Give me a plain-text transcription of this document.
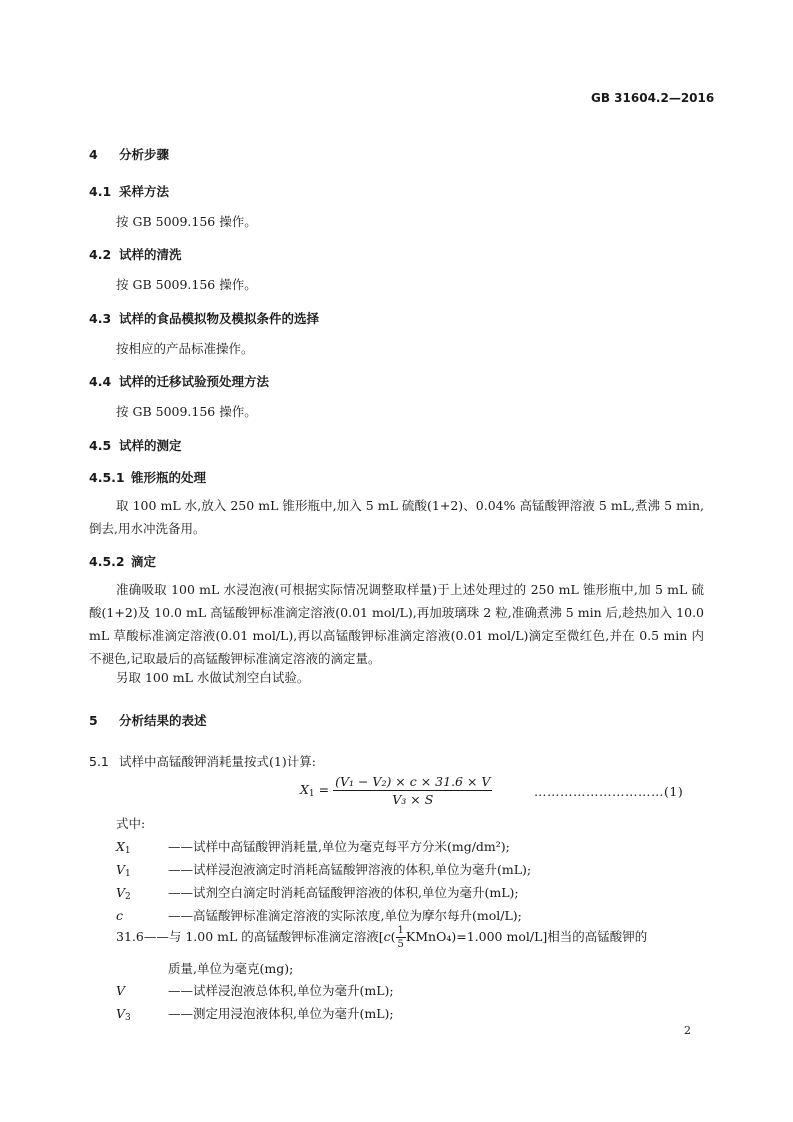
GB 31604.2—2016
4 分析步骤
4.1 采样方法
按 GB 5009.156 操作。
4.2 试样的清洗
按 GB 5009.156 操作。
4.3 试样的食品模拟物及模拟条件的选择
按相应的产品标准操作。
4.4 试样的迁移试验预处理方法
按 GB 5009.156 操作。
4.5 试样的测定
4.5.1 锥形瓶的处理
取 100 mL 水,放入 250 mL 锥形瓶中,加入 5 mL 硫酸(1+2)、0.04% 高锰酸钾溶液 5 mL,煮沸 5 min,倒去,用水冲洗备用。
4.5.2 滴定
准确吸取 100 mL 水浸泡液(可根据实际情况调整取样量)于上述处理过的 250 mL 锥形瓶中,加 5 mL 硫酸(1+2)及 10.0 mL 高锰酸钾标准滴定溶液(0.01 mol/L),再加玻璃珠 2 粒,准确煮沸 5 min 后,趁热加入 10.0 mL 草酸标准滴定溶液(0.01 mol/L),再以高锰酸钾标准滴定溶液(0.01 mol/L)滴定至微红色,并在 0.5 min 内不褪色,记取最后的高锰酸钾标准滴定溶液的滴定量。
另取 100 mL 水做试剂空白试验。
5 分析结果的表述
5.1 试样中高锰酸钾消耗量按式(1)计算:
$X_1 = \frac{\text{(V₁ − V₂) × c × 31.6 × V}}{\text{V₃ × S}}$	…………………………(1)
式中:
$X_1$	——试样中高锰酸钾消耗量,单位为毫克每平方分米(mg/dm²);
$V_1$	——试样浸泡液滴定时消耗高锰酸钾溶液的体积,单位为毫升(mL);
$V_2$	——试剂空白滴定时消耗高锰酸钾溶液的体积,单位为毫升(mL);
c	——高锰酸钾标准滴定溶液的实际浓度,单位为摩尔每升(mol/L);
31.6——与 1.00 mL 的高锰酸钾标准滴定溶液[$c( \frac{1}{5}$ KMnO₄)=1.000 mol/L]相当的高锰酸钾的
质量,单位为毫克(mg);
V	——试样浸泡液总体积,单位为毫升(mL);
$V_3$	——测定用浸泡液体积,单位为毫升(mL);
2
